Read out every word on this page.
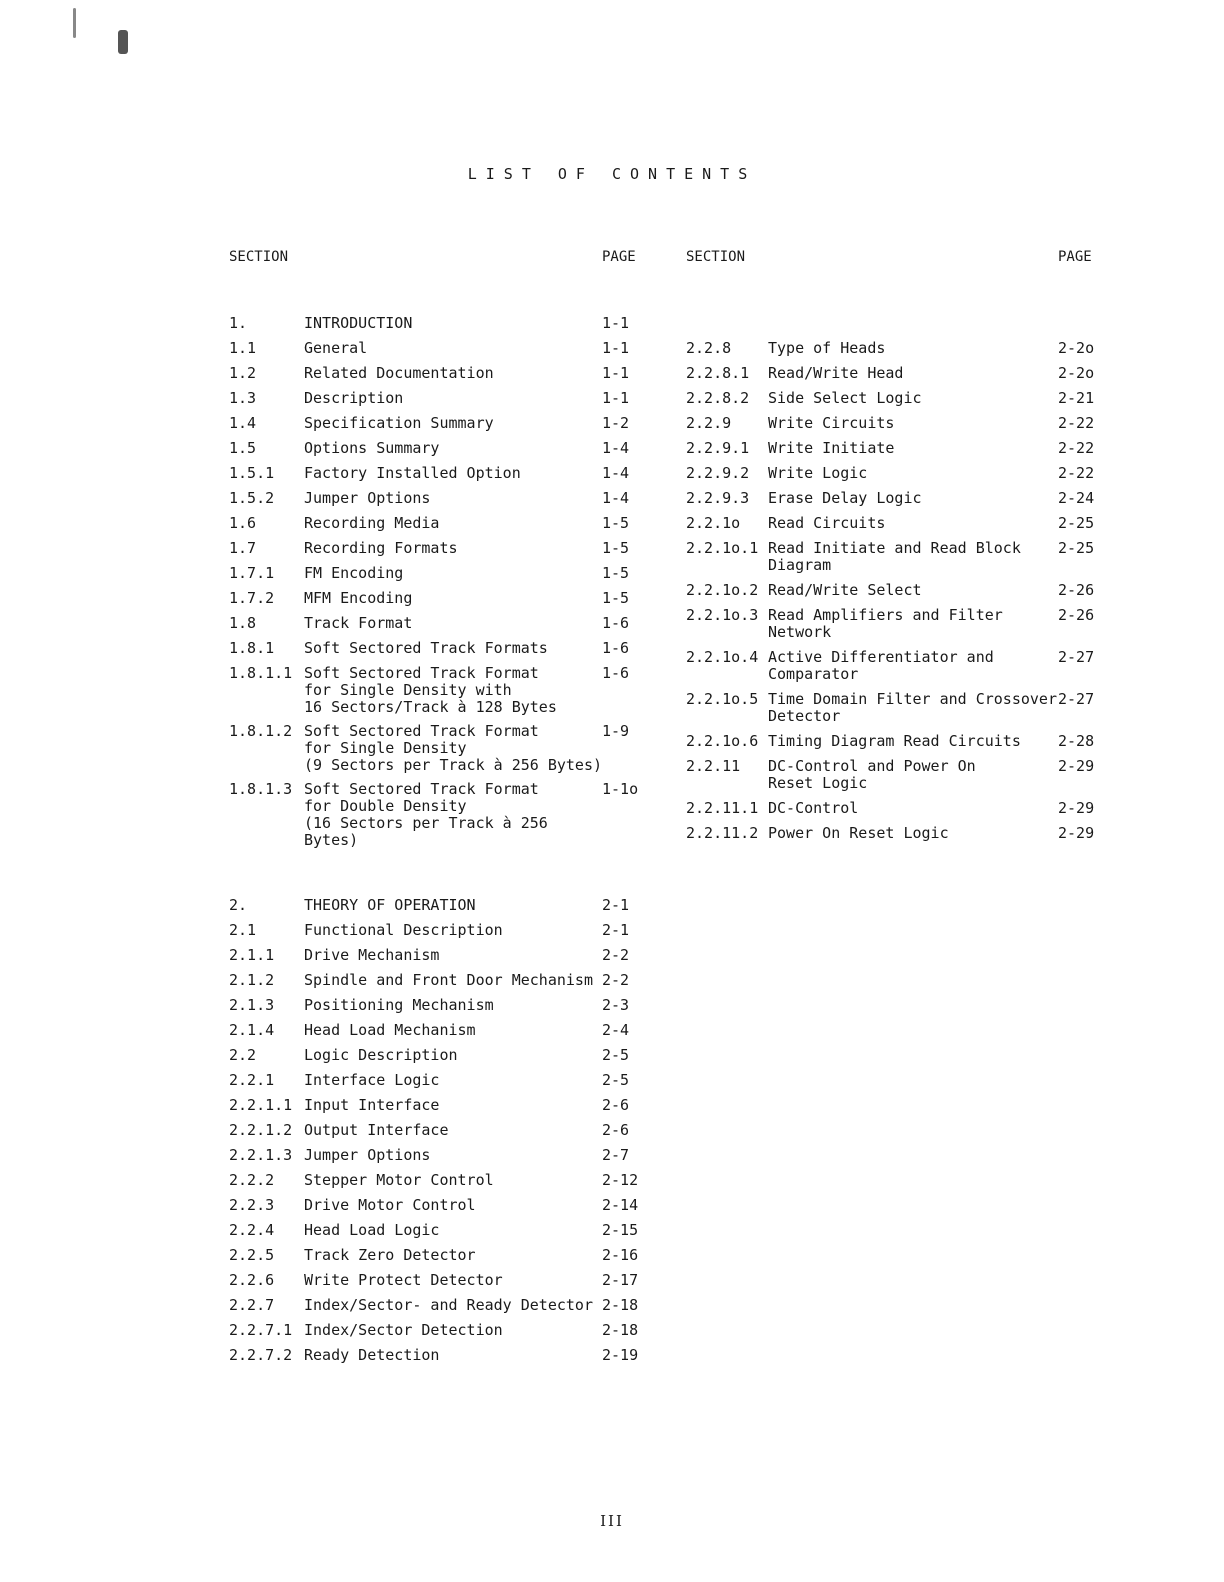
LIST OF CONTENTS
SECTION	PAGE	SECTION	PAGE
1.	INTRODUCTION	1-1
1.1	General	1-1
1.2	Related Documentation	1-1
1.3	Description	1-1
1.4	Specification Summary	1-2
1.5	Options Summary	1-4
1.5.1	Factory Installed Option	1-4
1.5.2	Jumper Options	1-4
1.6	Recording Media	1-5
1.7	Recording Formats	1-5
1.7.1	FM Encoding	1-5
1.7.2	MFM Encoding	1-5
1.8	Track Format	1-6
1.8.1	Soft Sectored Track Formats	1-6
1.8.1.1 Soft Sectored Track Format
for Single Density with
16 Sectors/Track à 128 Bytes
1-6
1.8.1.2 Soft Sectored Track Format
for Single Density
(9 Sectors per Track à 256 Bytes)
1-9
1.8.1.3 Soft Sectored Track Format
for Double Density
(16 Sectors per Track à 256 Bytes)
1-1o
2.	THEORY OF OPERATION	2-1
2.1	Functional Description	2-1
2.1.1	Drive Mechanism	2-2
2.1.2	Spindle and Front Door Mechanism 2-2
2.1.3	Positioning Mechanism	2-3
2.1.4	Head Load Mechanism	2-4
2.2	Logic Description	2-5
2.2.1	Interface Logic	2-5
2.2.1.1 Input Interface	2-6
2.2.1.2 Output Interface	2-6
2.2.1.3 Jumper Options	2-7
2.2.2	Stepper Motor Control	2-12
2.2.3	Drive Motor Control	2-14
2.2.4	Head Load Logic	2-15
2.2.5	Track Zero Detector	2-16
2.2.6	Write Protect Detector	2-17
2.2.7	Index/Sector- and Ready Detector 2-18
2.2.7.1 Index/Sector Detection	2-18
2.2.7.2 Ready Detection	2-19
2.2.8	Type of Heads	2-2o
2.2.8.1	Read/Write Head	2-2o
2.2.8.2	Side Select Logic	2-21
2.2.9	Write Circuits	2-22
2.2.9.1	Write Initiate	2-22
2.2.9.2	Write Logic	2-22
2.2.9.3	Erase Delay Logic	2-24
2.2.1o	Read Circuits	2-25
2.2.1o.1 Read Initiate and Read Block
Diagram
2-25
2.2.1o.2 Read/Write Select	2-26
2.2.1o.3 Read Amplifiers and Filter
Network
2-26
2.2.1o.4 Active Differentiator and
Comparator
2-27
2.2.1o.5 Time Domain Filter and Crossover
Detector
2-27
2.2.1o.6 Timing Diagram Read Circuits	2-28
2.2.11	DC-Control and Power On
Reset Logic
2-29
2.2.11.1 DC-Control	2-29
2.2.11.2 Power On Reset Logic	2-29
III
